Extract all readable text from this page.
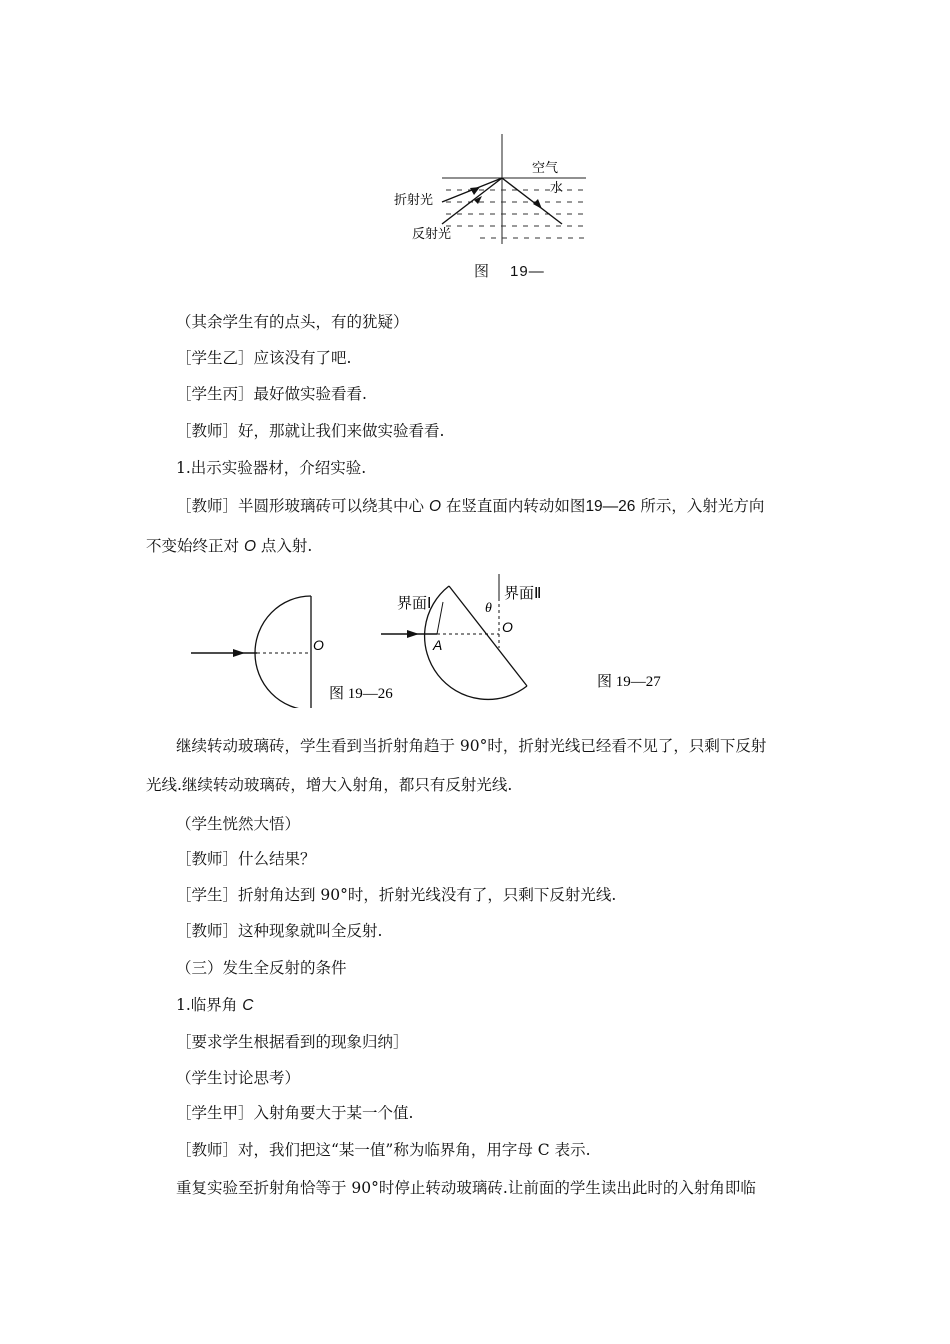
空气
水
折射光
反射光
图 19—
O
图 19—26
界面Ⅰ
界面Ⅱ
θ
O
A
图 19—27
（其余学生有的点头，有的犹疑）
［学生乙］应该没有了吧.
［学生丙］最好做实验看看.
［教师］好，那就让我们来做实验看看.
1.出示实验器材，介绍实验.
［教师］半圆形玻璃砖可以绕其中心 O 在竖直面内转动如图19—26 所示，入射光方向
不变始终正对 O 点入射.
继续转动玻璃砖，学生看到当折射角趋于 90°时，折射光线已经看不见了，只剩下反射
光线.继续转动玻璃砖，增大入射角，都只有反射光线.
（学生恍然大悟）
［教师］什么结果？
［学生］折射角达到 90°时，折射光线没有了，只剩下反射光线.
［教师］这种现象就叫全反射.
（三）发生全反射的条件
1.临界角 C
［要求学生根据看到的现象归纳］
（学生讨论思考）
［学生甲］入射角要大于某一个值.
［教师］对，我们把这“某一值”称为临界角，用字母 C 表示.
重复实验至折射角恰等于 90°时停止转动玻璃砖.让前面的学生读出此时的入射角即临
